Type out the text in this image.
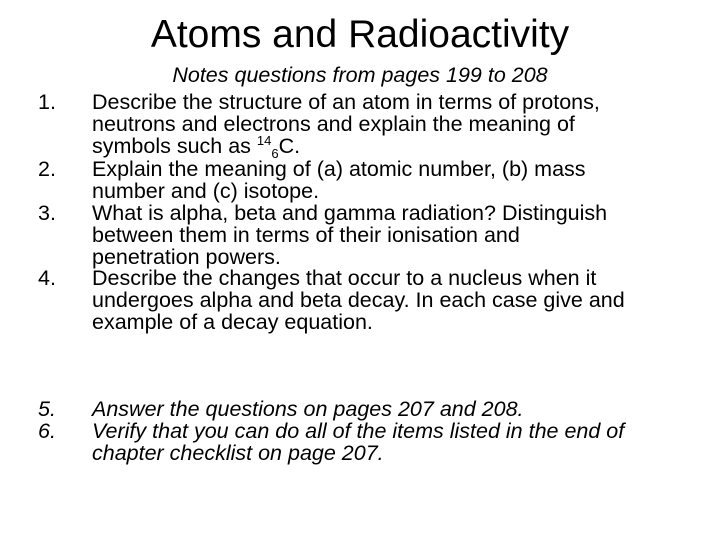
Atoms and Radioactivity
Notes questions from pages 199 to 208
1. Describe the structure of an atom in terms of protons,
neutrons and electrons and explain the meaning of
symbols such as $^{14}_6$C.
2. Explain the meaning of (a) atomic number, (b) mass
number and (c) isotope.
3. What is alpha, beta and gamma radiation? Distinguish
between them in terms of their ionisation and
penetration powers.
4. Describe the changes that occur to a nucleus when it
undergoes alpha and beta decay. In each case give and
example of a decay equation.
5. Answer the questions on pages 207 and 208.
6. Verify that you can do all of the items listed in the end of
chapter checklist on page 207.
